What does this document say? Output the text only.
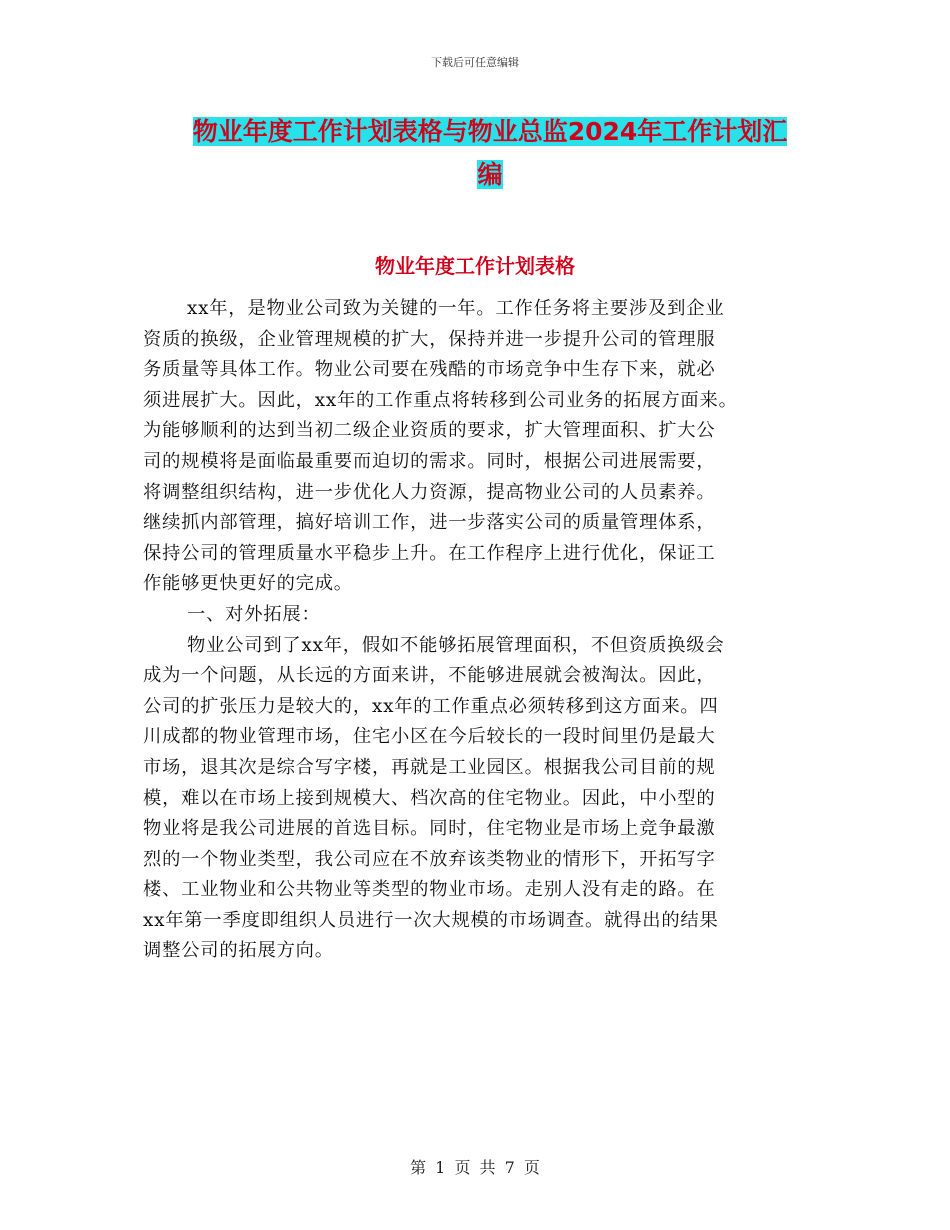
下载后可任意编辑
物业年度工作计划表格与物业总监2024年工作计划汇
编
物业年度工作计划表格
xx年，是物业公司致为关键的一年。工作任务将主要涉及到企业
资质的换级，企业管理规模的扩大，保持并进一步提升公司的管理服
务质量等具体工作。物业公司要在残酷的市场竞争中生存下来，就必
须进展扩大。因此，xx年的工作重点将转移到公司业务的拓展方面来。
为能够顺利的达到当初二级企业资质的要求，扩大管理面积、扩大公
司的规模将是面临最重要而迫切的需求。同时，根据公司进展需要，
将调整组织结构，进一步优化人力资源，提高物业公司的人员素养。
继续抓内部管理，搞好培训工作，进一步落实公司的质量管理体系，
保持公司的管理质量水平稳步上升。在工作程序上进行优化，保证工
作能够更快更好的完成。
一、对外拓展：
物业公司到了xx年，假如不能够拓展管理面积，不但资质换级会
成为一个问题，从长远的方面来讲，不能够进展就会被淘汰。因此，
公司的扩张压力是较大的，xx年的工作重点必须转移到这方面来。四
川成都的物业管理市场，住宅小区在今后较长的一段时间里仍是最大
市场，退其次是综合写字楼，再就是工业园区。根据我公司目前的规
模，难以在市场上接到规模大、档次高的住宅物业。因此，中小型的
物业将是我公司进展的首选目标。同时，住宅物业是市场上竞争最激
烈的一个物业类型，我公司应在不放弃该类物业的情形下，开拓写字
楼、工业物业和公共物业等类型的物业市场。走别人没有走的路。在
xx年第一季度即组织人员进行一次大规模的市场调查。就得出的结果
调整公司的拓展方向。
第 1 页 共 7 页
